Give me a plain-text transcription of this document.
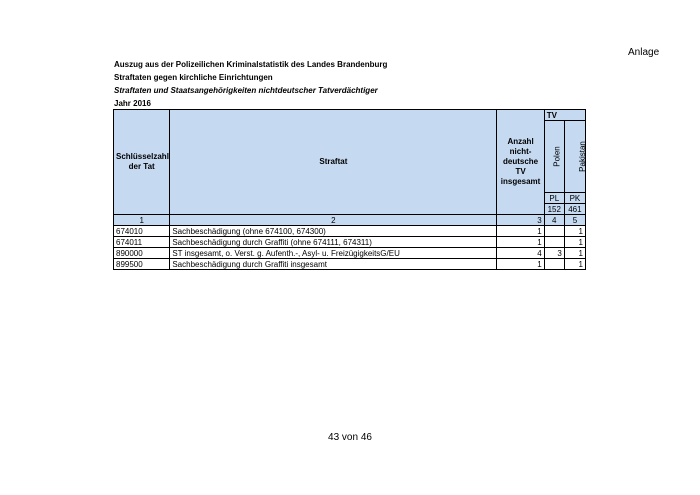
Anlage
Auszug aus der Polizeilichen Kriminalstatistik des Landes Brandenburg
Straftaten gegen kirchliche Einrichtungen
Straftaten und Staatsangehörigkeiten nichtdeutscher Tatverdächtiger
Jahr 2016
Schlüsselzahl der Tat	Straftat	Anzahl nicht-deutsche TV insgesamt	TV	
			Polen	Pakistan
			PL	PK
			152	461
1	2	3	4	5
674010	Sachbeschädigung (ohne 674100, 674300)	1		1
674011	Sachbeschädigung durch Graffiti (ohne 674111, 674311)	1		1
890000	ST insgesamt, o. Verst. g. Aufenth.-, Asyl- u. FreizügigkeitsG/EU	4	3	1
899500	Sachbeschädigung durch Graffiti insgesamt	1		1
43 von 46
